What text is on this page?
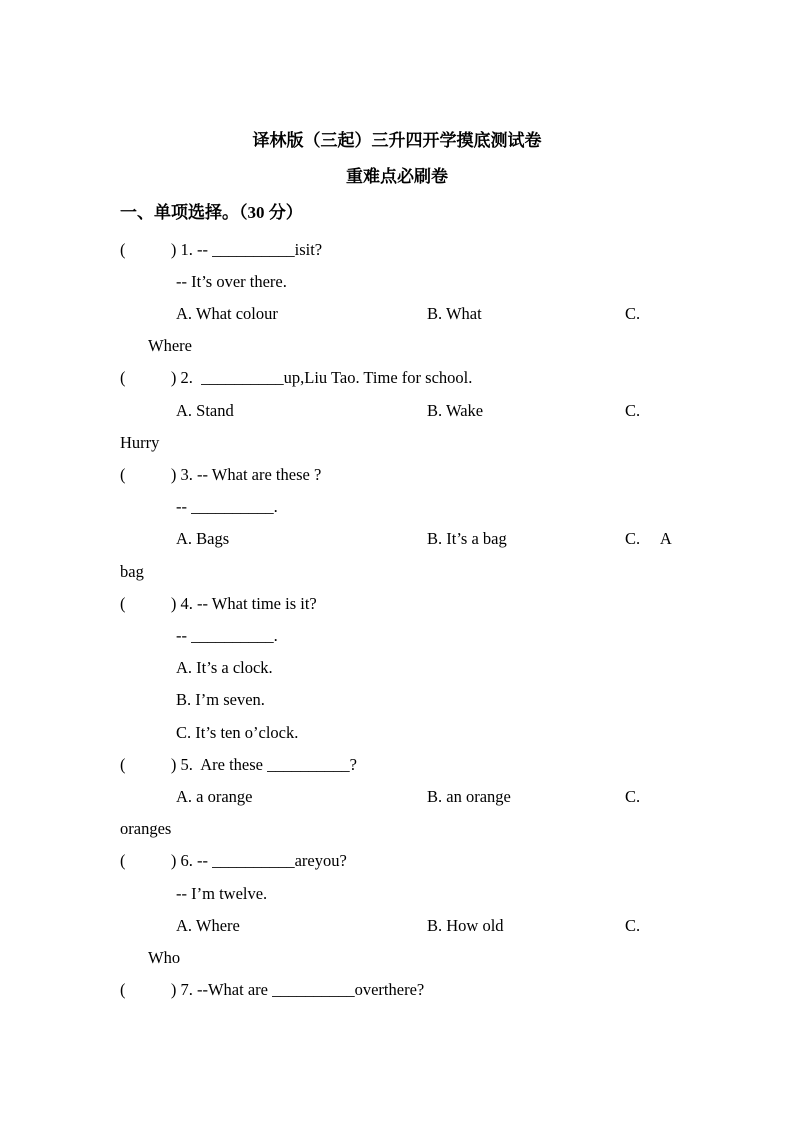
译林版（三起）三升四开学摸底测试卷
重难点必刷卷
一、单项选择。（30 分）
(           ) 1. -- __________isit?
-- It’s over there.
A. What colour	B. What	C.
Where
(           ) 2.  __________up,Liu Tao. Time for school.
A. Stand	B. Wake	C.
Hurry
(           ) 3. -- What are these ?
-- __________.
A. Bags	B. It’s a bag	C.     A
bag
(           ) 4. -- What time is it?
-- __________.
A. It’s a clock.
B. I’m seven.
C. It’s ten o’clock.
(           ) 5.  Are these __________?
A. a orange	B. an orange	C.
oranges
(           ) 6. -- __________areyou?
-- I’m twelve.
A. Where	B. How old	C.
Who
(           ) 7. --What are __________overthere?
